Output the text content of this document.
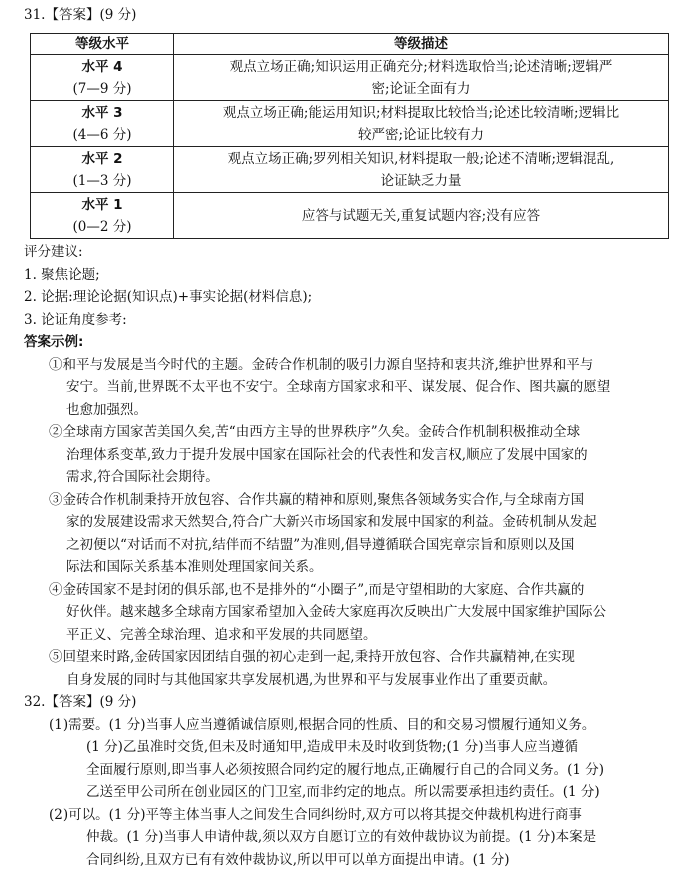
31.【答案】(9 分)
等级水平	等级描述

水平 4
(7—9 分)	观点立场正确;知识运用正确充分;材料选取恰当;论述清晰;逻辑严
密;论证全面有力

水平 3
(4—6 分)	观点立场正确;能运用知识;材料提取比较恰当;论述比较清晰;逻辑比
较严密;论证比较有力

水平 2
(1—3 分)	观点立场正确;罗列相关知识,材料提取一般;论述不清晰;逻辑混乱,
论证缺乏力量

水平 1
(0—2 分)	应答与试题无关,重复试题内容;没有应答
评分建议:
1. 聚焦论题;
2. 论据:理论论据(知识点)+事实论据(材料信息);
3. 论证角度参考:
答案示例:
①和平与发展是当今时代的主题。金砖合作机制的吸引力源自坚持和衷共济,维护世界和平与
安宁。当前,世界既不太平也不安宁。全球南方国家求和平、谋发展、促合作、图共赢的愿望
也愈加强烈。
②全球南方国家苦美国久矣,苦“由西方主导的世界秩序”久矣。金砖合作机制积极推动全球
治理体系变革,致力于提升发展中国家在国际社会的代表性和发言权,顺应了发展中国家的
需求,符合国际社会期待。
③金砖合作机制秉持开放包容、合作共赢的精神和原则,聚焦各领域务实合作,与全球南方国
家的发展建设需求天然契合,符合广大新兴市场国家和发展中国家的利益。金砖机制从发起
之初便以“对话而不对抗,结伴而不结盟”为准则,倡导遵循联合国宪章宗旨和原则以及国
际法和国际关系基本准则处理国家间关系。
④金砖国家不是封闭的俱乐部,也不是排外的“小圈子”,而是守望相助的大家庭、合作共赢的
好伙伴。越来越多全球南方国家希望加入金砖大家庭再次反映出广大发展中国家维护国际公
平正义、完善全球治理、追求和平发展的共同愿望。
⑤回望来时路,金砖国家因团结自强的初心走到一起,秉持开放包容、合作共赢精神,在实现
自身发展的同时与其他国家共享发展机遇,为世界和平与发展事业作出了重要贡献。
32.【答案】(9 分)
(1)需要。(1 分)当事人应当遵循诚信原则,根据合同的性质、目的和交易习惯履行通知义务。
(1 分)乙虽准时交货,但未及时通知甲,造成甲未及时收到货物;(1 分)当事人应当遵循
全面履行原则,即当事人必须按照合同约定的履行地点,正确履行自己的合同义务。(1 分)
乙送至甲公司所在创业园区的门卫室,而非约定的地点。所以需要承担违约责任。(1 分)
(2)可以。(1 分)平等主体当事人之间发生合同纠纷时,双方可以将其提交仲裁机构进行商事
仲裁。(1 分)当事人申请仲裁,须以双方自愿订立的有效仲裁协议为前提。(1 分)本案是
合同纠纷,且双方已有有效仲裁协议,所以甲可以单方面提出申请。(1 分)
